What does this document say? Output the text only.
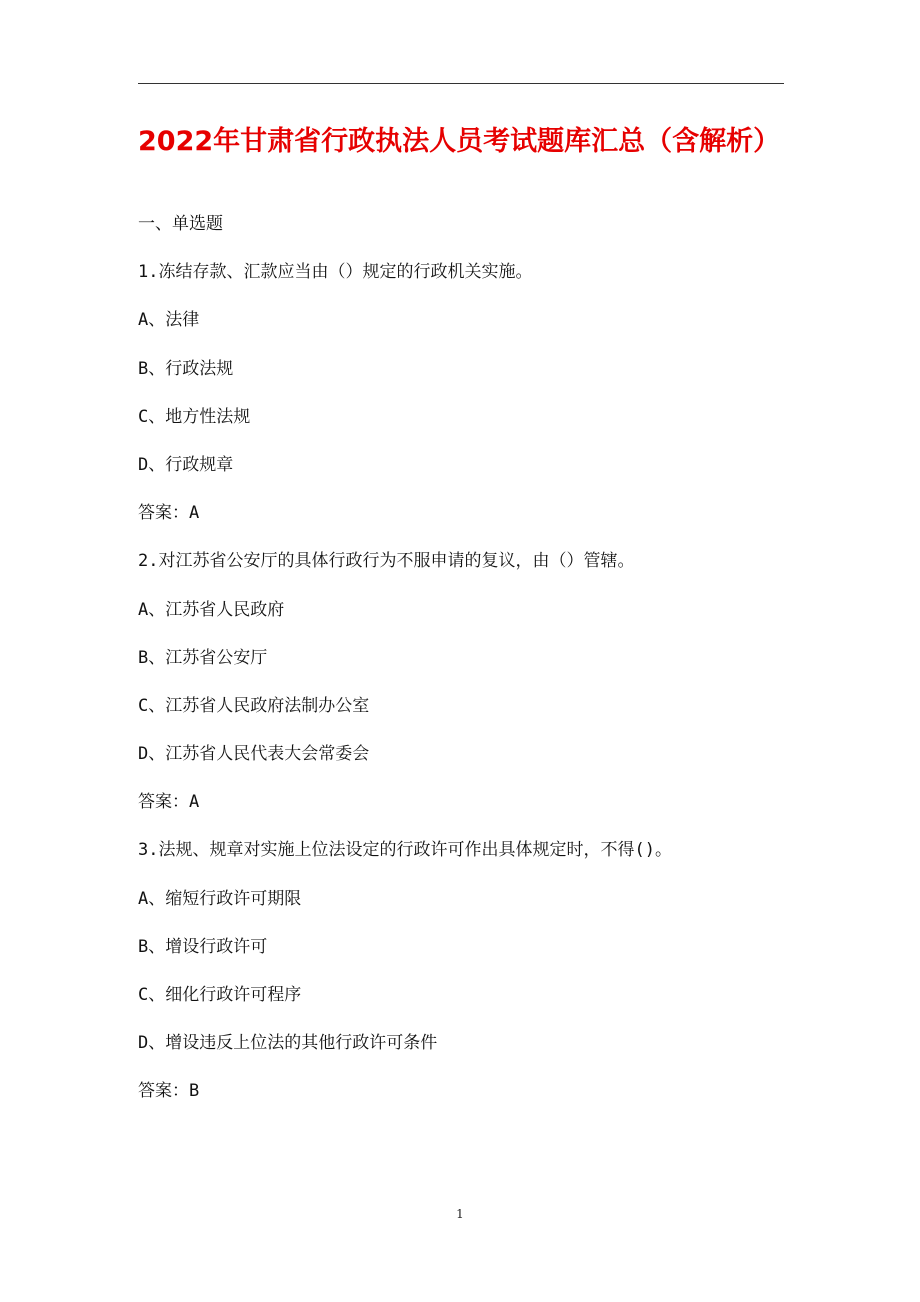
2022年甘肃省行政执法人员考试题库汇总（含解析）
一、单选题
1.冻结存款、汇款应当由（）规定的行政机关实施。
A、法律
B、行政法规
C、地方性法规
D、行政规章
答案：A
2.对江苏省公安厅的具体行政行为不服申请的复议，由（）管辖。
A、江苏省人民政府
B、江苏省公安厅
C、江苏省人民政府法制办公室
D、江苏省人民代表大会常委会
答案：A
3.法规、规章对实施上位法设定的行政许可作出具体规定时，不得()。
A、缩短行政许可期限
B、增设行政许可
C、细化行政许可程序
D、增设违反上位法的其他行政许可条件
答案：B
1
